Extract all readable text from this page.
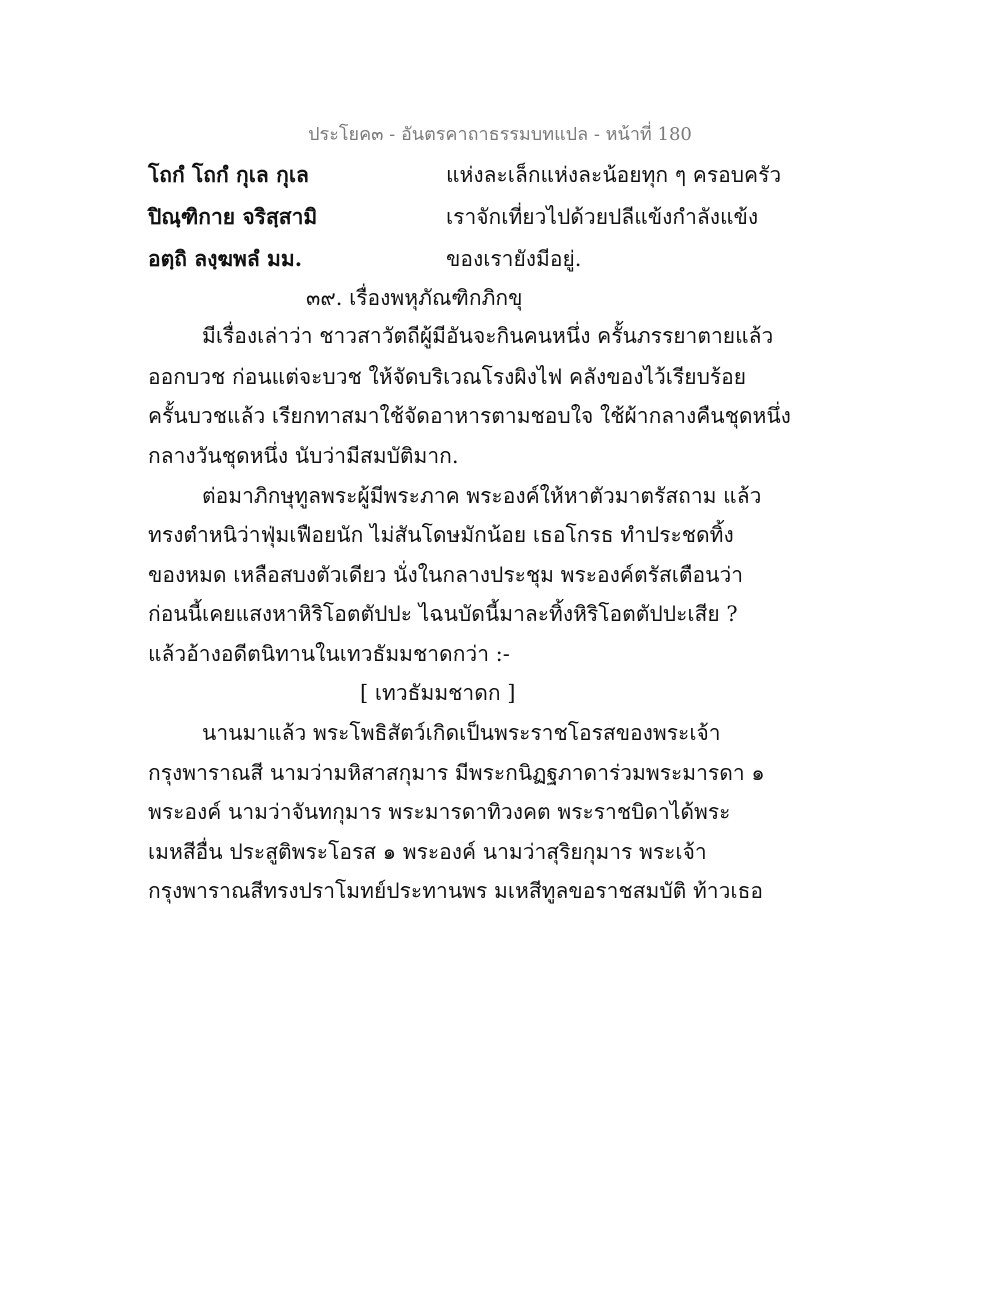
ประโยค๓ - อันตรคาถาธรรมบทแปล - หน้าที่ 180
โถกํ โถกํ กุเล กุเล	แห่งละเล็กแห่งละน้อยทุก ๆ ครอบครัว
ปิณฺฑิกาย จริสฺสามิ	เราจักเที่ยวไปด้วยปลีแข้งกำลังแข้ง
อตฺถิ ลงฺฆพลํ มม.	ของเรายังมีอยู่.
๓๙. เรื่องพหุภัณฑิกภิกขุ
มีเรื่องเล่าว่า ชาวสาวัตถีผู้มีอันจะกินคนหนึ่ง ครั้นภรรยาตายแล้ว
ออกบวช ก่อนแต่จะบวช ให้จัดบริเวณโรงผิงไฟ คลังของไว้เรียบร้อย
ครั้นบวชแล้ว เรียกทาสมาใช้จัดอาหารตามชอบใจ ใช้ผ้ากลางคืนชุดหนึ่ง
กลางวันชุดหนึ่ง นับว่ามีสมบัติมาก.
ต่อมาภิกษุทูลพระผู้มีพระภาค พระองค์ให้หาตัวมาตรัสถาม แล้ว
ทรงตำหนิว่าฟุ่มเฟือยนัก ไม่สันโดษมักน้อย เธอโกรธ ทำประชดทิ้ง
ของหมด เหลือสบงตัวเดียว นั่งในกลางประชุม พระองค์ตรัสเตือนว่า
ก่อนนี้เคยแสงหาหิริโอตตัปปะ ไฉนบัดนี้มาละทิ้งหิริโอตตัปปะเสีย ?
แล้วอ้างอดีตนิทานในเทวธัมมชาดกว่า :-
[ เทวธัมมชาดก ]
นานมาแล้ว พระโพธิสัตว์เกิดเป็นพระราชโอรสของพระเจ้า
กรุงพาราณสี นามว่ามหิสาสกุมาร มีพระกนิฏฐภาดาร่วมพระมารดา ๑
พระองค์ นามว่าจันทกุมาร พระมารดาทิวงคต พระราชบิดาได้พระ
เมหสีอื่น ประสูติพระโอรส ๑ พระองค์ นามว่าสุริยกุมาร พระเจ้า
กรุงพาราณสีทรงปราโมทย์ประทานพร มเหสีทูลขอราชสมบัติ ท้าวเธอ
